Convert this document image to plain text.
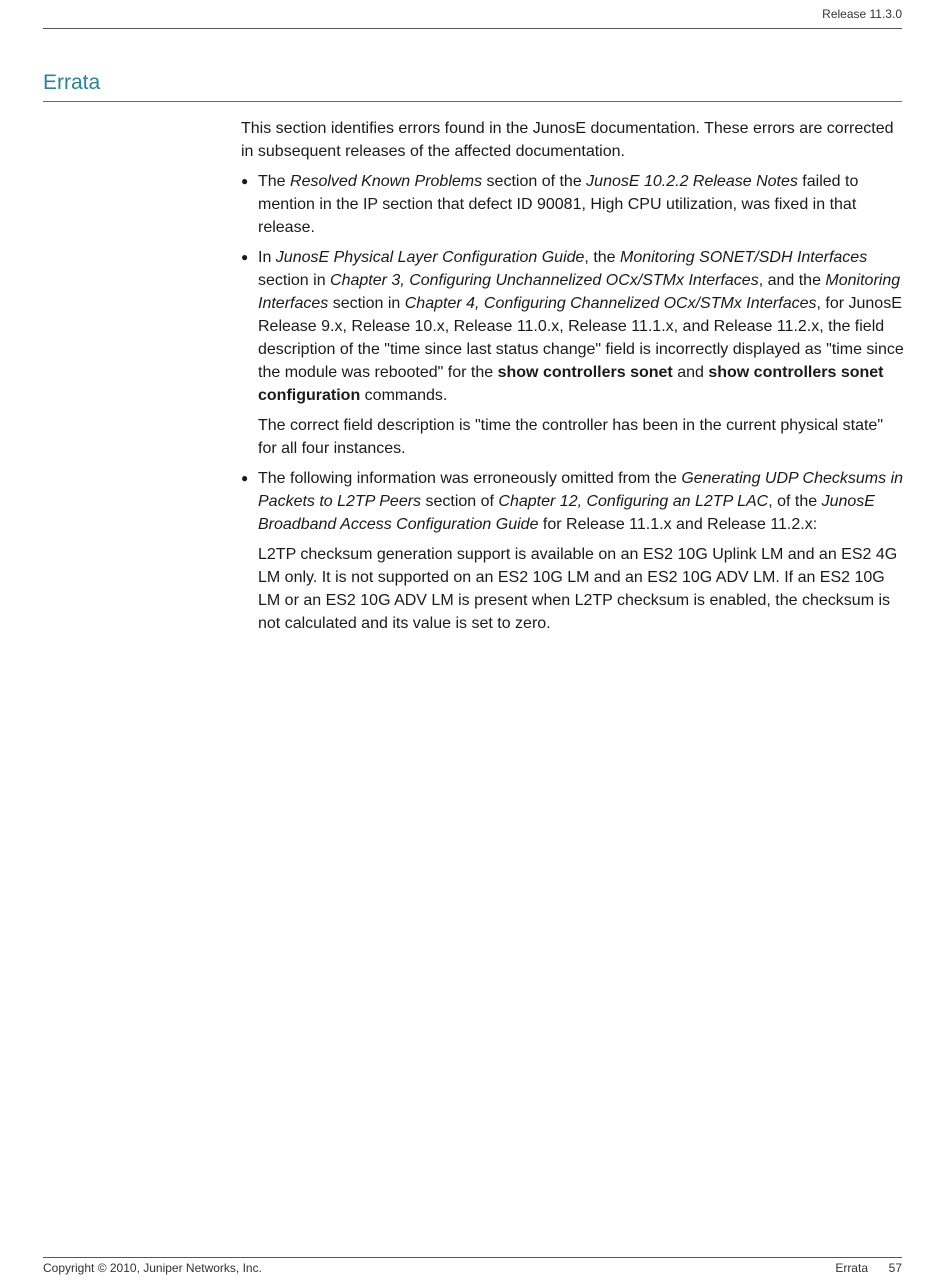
Release 11.3.0
Errata

This section identifies errors found in the JunosE documentation. These errors are corrected in subsequent releases of the affected documentation.

● The Resolved Known Problems section of the JunosE 10.2.2 Release Notes failed to mention in the IP section that defect ID 90081, High CPU utilization, was fixed in that release.

● In JunosE Physical Layer Configuration Guide, the Monitoring SONET/SDH Interfaces section in Chapter 3, Configuring Unchannelized OCx/STMx Interfaces, and the Monitoring Interfaces section in Chapter 4, Configuring Channelized OCx/STMx Interfaces, for JunosE Release 9.x, Release 10.x, Release 11.0.x, Release 11.1.x, and Release 11.2.x, the field description of the "time since last status change" field is incorrectly displayed as "time since the module was rebooted" for the show controllers sonet and show controllers sonet configuration commands.

The correct field description is "time the controller has been in the current physical state" for all four instances.

● The following information was erroneously omitted from the Generating UDP Checksums in Packets to L2TP Peers section of Chapter 12, Configuring an L2TP LAC, of the JunosE Broadband Access Configuration Guide for Release 11.1.x and Release 11.2.x:

L2TP checksum generation support is available on an ES2 10G Uplink LM and an ES2 4G LM only. It is not supported on an ES2 10G LM and an ES2 10G ADV LM. If an ES2 10G LM or an ES2 10G ADV LM is present when L2TP checksum is enabled, the checksum is not calculated and its value is set to zero.

Copyright © 2010, Juniper Networks, Inc.	Errata 57
